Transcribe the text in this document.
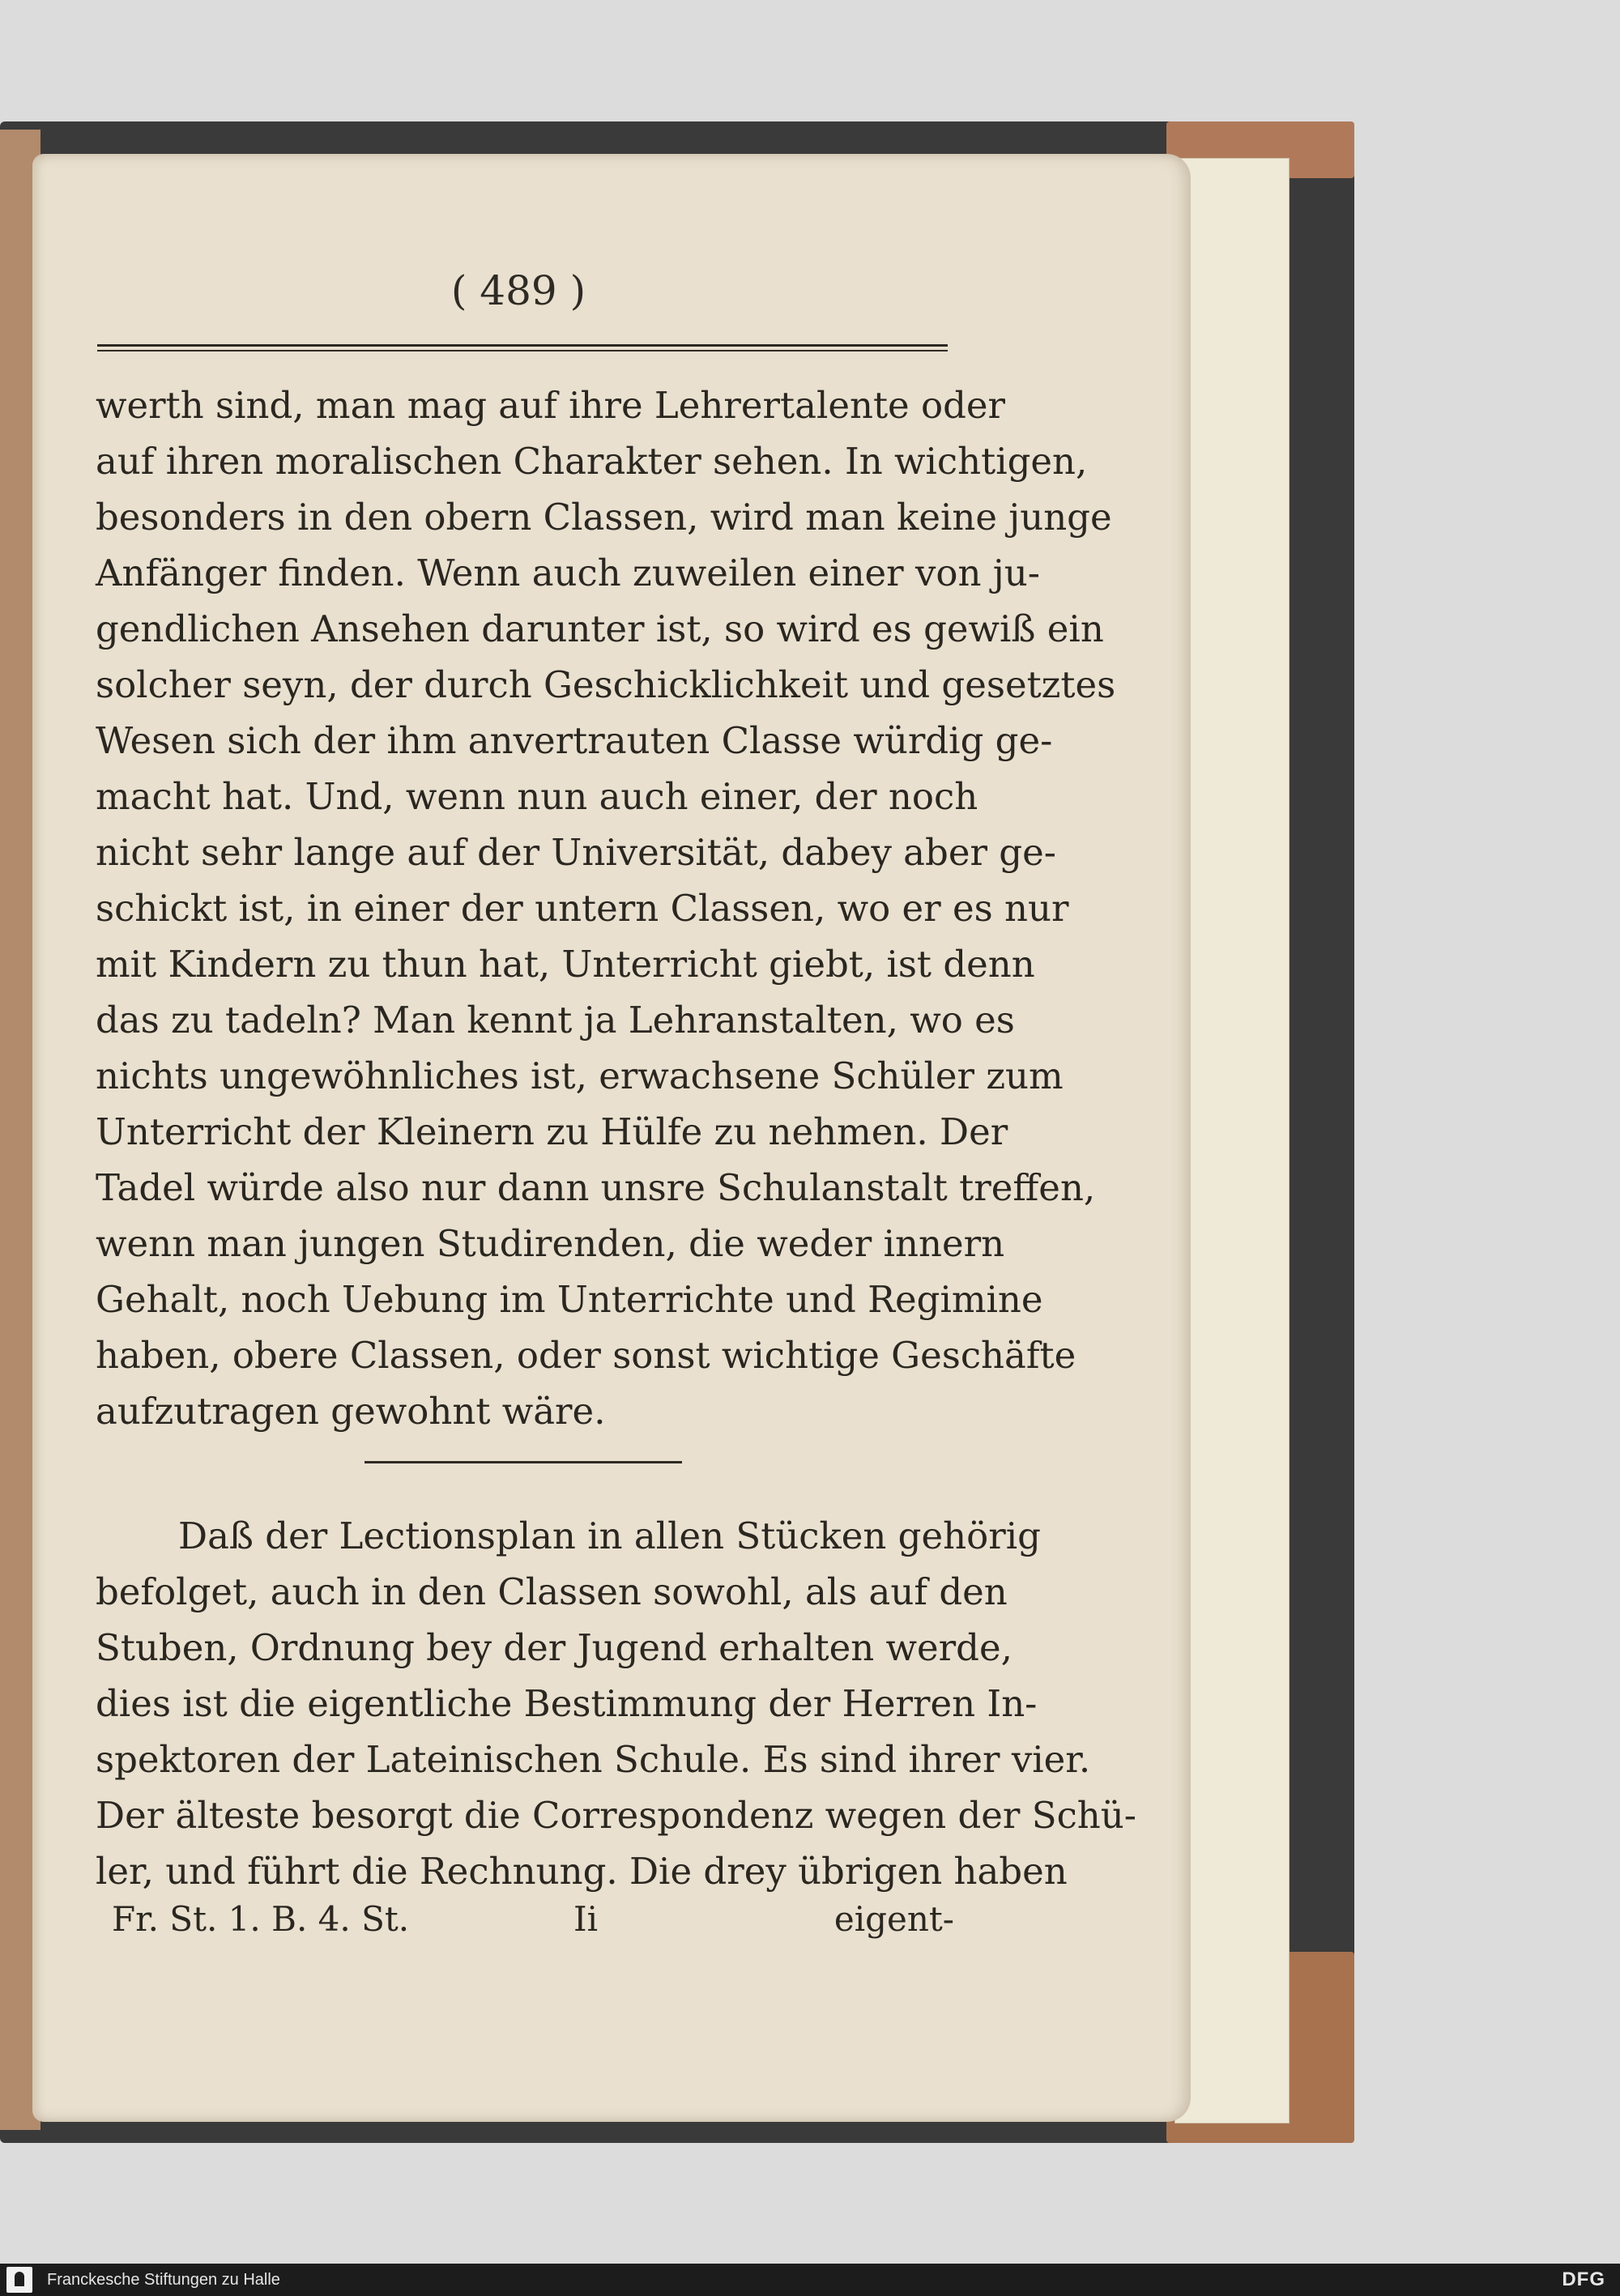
( 489 )
werth sind, man mag auf ihre Lehrertalente oder
auf ihren moralischen Charakter sehen. In wichtigen,
besonders in den obern Classen, wird man keine junge
Anfänger finden. Wenn auch zuweilen einer von ju-
gendlichen Ansehen darunter ist, so wird es gewiß ein
solcher seyn, der durch Geschicklichkeit und gesetztes
Wesen sich der ihm anvertrauten Classe würdig ge-
macht hat. Und, wenn nun auch einer, der noch
nicht sehr lange auf der Universität, dabey aber ge-
schickt ist, in einer der untern Classen, wo er es nur
mit Kindern zu thun hat, Unterricht giebt, ist denn
das zu tadeln? Man kennt ja Lehranstalten, wo es
nichts ungewöhnliches ist, erwachsene Schüler zum
Unterricht der Kleinern zu Hülfe zu nehmen. Der
Tadel würde also nur dann unsre Schulanstalt treffen,
wenn man jungen Studirenden, die weder innern
Gehalt, noch Uebung im Unterrichte und Regimine
haben, obere Classen, oder sonst wichtige Geschäfte
aufzutragen gewohnt wäre.
Daß der Lectionsplan in allen Stücken gehörig
befolget, auch in den Classen sowohl, als auf den
Stuben, Ordnung bey der Jugend erhalten werde,
dies ist die eigentliche Bestimmung der Herren In-
spektoren der Lateinischen Schule. Es sind ihrer vier.
Der älteste besorgt die Correspondenz wegen der Schü-
ler, und führt die Rechnung. Die drey übrigen haben
Fr. St. 1. B. 4. St.	Ii	eigent-
Franckesche Stiftungen zu Halle	DFG
